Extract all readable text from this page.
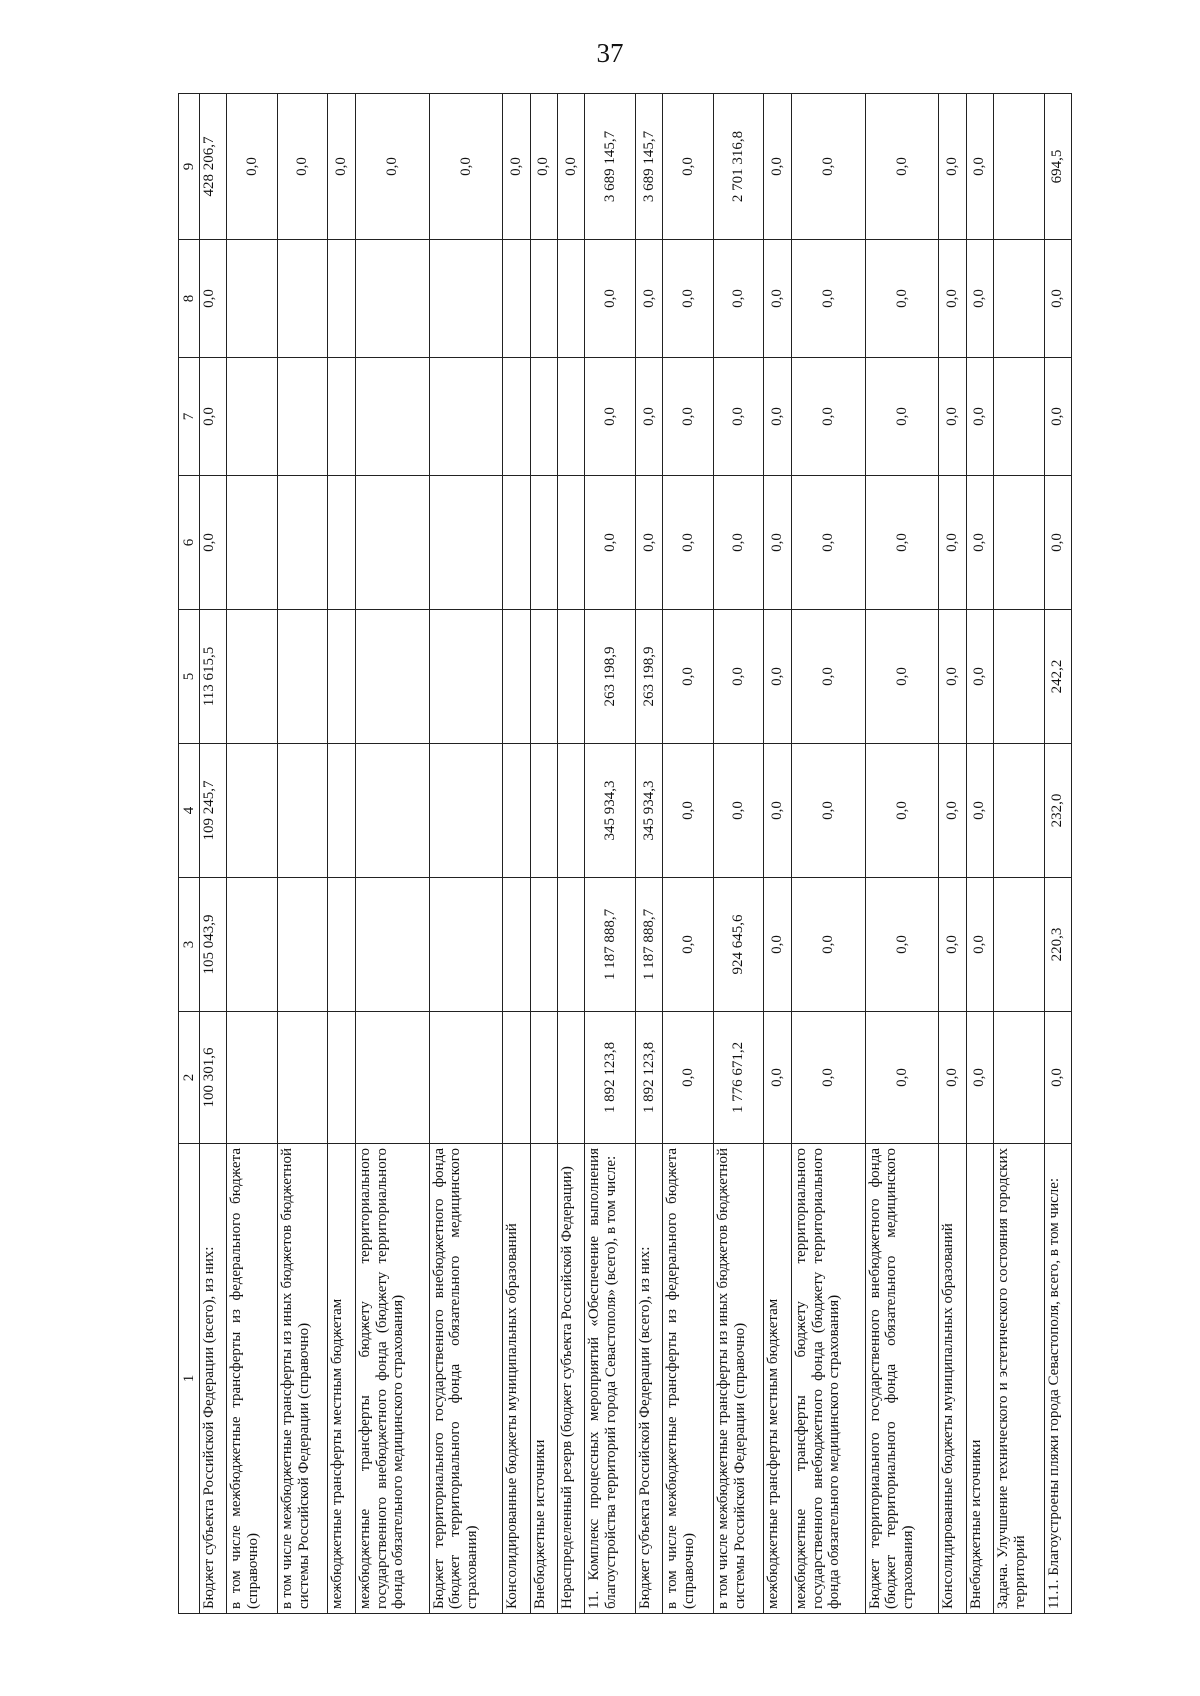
37
1	2	3	4	5	6	7	8	9
Бюджет субъекта Российской Федерации (всего), из них:	100 301,6	105 043,9	109 245,7	113 615,5	0,0	0,0	0,0	428 206,7
в том числе межбюджетные трансферты из федерального бюджета (справочно)								0,0
в том числе межбюджетные трансферты из иных бюджетов бюджетной системы Российской Федерации (справочно)								0,0
межбюджетные трансферты местным бюджетам								0,0
межбюджетные трансферты бюджету территориального государственного внебюджетного фонда (бюджету территориального фонда обязательного медицинского страхования)								0,0
Бюджет территориального государственного внебюджетного фонда (бюджет территориального фонда обязательного медицинского страхования)								0,0
Консолидированные бюджеты муниципальных образований								0,0
Внебюджетные источники								0,0
Нераспределенный резерв (бюджет субъекта Российской Федерации)								0,0
11. Комплекс процессных мероприятий «Обеспечение выполнения благоустройства территорий города Севастополя» (всего), в том числе:	1 892 123,8	1 187 888,7	345 934,3	263 198,9	0,0	0,0	0,0	3 689 145,7
Бюджет субъекта Российской Федерации (всего), из них:	1 892 123,8	1 187 888,7	345 934,3	263 198,9	0,0	0,0	0,0	3 689 145,7
в том числе межбюджетные трансферты из федерального бюджета (справочно)	0,0	0,0	0,0	0,0	0,0	0,0	0,0	0,0
в том числе межбюджетные трансферты из иных бюджетов бюджетной системы Российской Федерации (справочно)	1 776 671,2	924 645,6	0,0	0,0	0,0	0,0	0,0	2 701 316,8
межбюджетные трансферты местным бюджетам	0,0	0,0	0,0	0,0	0,0	0,0	0,0	0,0
межбюджетные трансферты бюджету территориального государственного внебюджетного фонда (бюджету территориального фонда обязательного медицинского страхования)	0,0	0,0	0,0	0,0	0,0	0,0	0,0	0,0
Бюджет территориального государственного внебюджетного фонда (бюджет территориального фонда обязательного медицинского страхования)	0,0	0,0	0,0	0,0	0,0	0,0	0,0	0,0
Консолидированные бюджеты муниципальных образований	0,0	0,0	0,0	0,0	0,0	0,0	0,0	0,0
Внебюджетные источники	0,0	0,0	0,0	0,0	0,0	0,0	0,0	0,0
Задача. Улучшение технического и эстетического состояния городских территорий								
11.1. Благоустроены пляжи города Севастополя, всего, в том числе:	0,0	220,3	232,0	242,2	0,0	0,0	0,0	694,5
